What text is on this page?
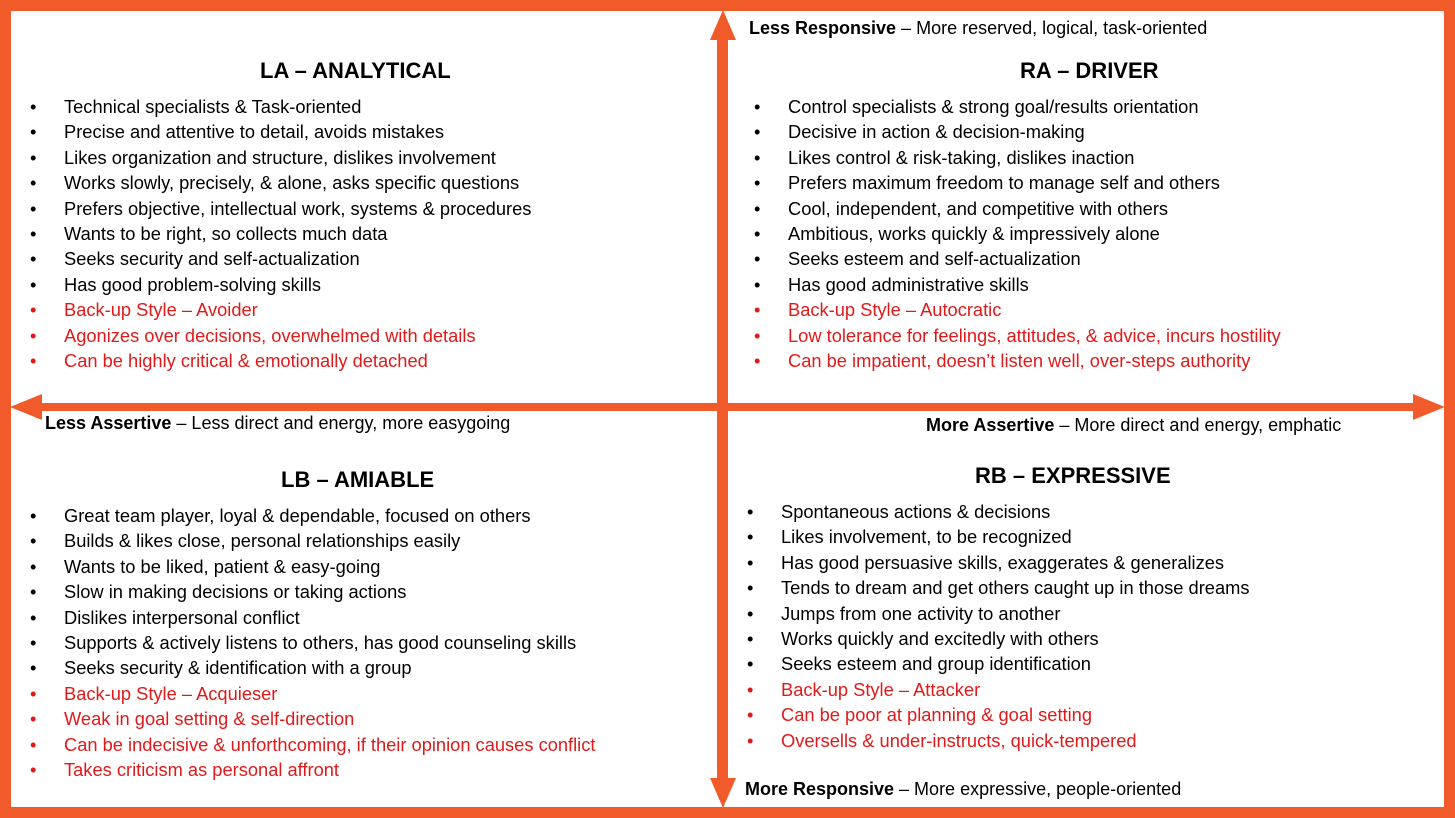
Less Responsive – More reserved, logical, task-oriented
More Responsive – More expressive, people-oriented
Less Assertive – Less direct and energy, more easygoing	More Assertive – More direct and energy, emphatic
LA – ANALYTICAL	RA – DRIVER
LB – AMIABLE	RB – EXPRESSIVE
• Technical specialists & Task-oriented
• Precise and attentive to detail, avoids mistakes
• Likes organization and structure, dislikes involvement
• Works slowly, precisely, & alone, asks specific questions
• Prefers objective, intellectual work, systems & procedures
• Wants to be right, so collects much data
• Seeks security and self-actualization
• Has good problem-solving skills
• Back-up Style – Avoider
• Agonizes over decisions, overwhelmed with details
• Can be highly critical & emotionally detached
• Control specialists & strong goal/results orientation
• Decisive in action & decision-making
• Likes control & risk-taking, dislikes inaction
• Prefers maximum freedom to manage self and others
• Cool, independent, and competitive with others
• Ambitious, works quickly & impressively alone
• Seeks esteem and self-actualization
• Has good administrative skills
• Back-up Style – Autocratic
• Low tolerance for feelings, attitudes, & advice, incurs hostility
• Can be impatient, doesn’t listen well, over-steps authority
• Great team player, loyal & dependable, focused on others
• Builds & likes close, personal relationships easily
• Wants to be liked, patient & easy-going
• Slow in making decisions or taking actions
• Dislikes interpersonal conflict
• Supports & actively listens to others, has good counseling skills
• Seeks security & identification with a group
• Back-up Style – Acquieser
• Weak in goal setting & self-direction
• Can be indecisive & unforthcoming, if their opinion causes conflict
• Takes criticism as personal affront
• Spontaneous actions & decisions
• Likes involvement, to be recognized
• Has good persuasive skills, exaggerates & generalizes
• Tends to dream and get others caught up in those dreams
• Jumps from one activity to another
• Works quickly and excitedly with others
• Seeks esteem and group identification
• Back-up Style – Attacker
• Can be poor at planning & goal setting
• Oversells & under-instructs, quick-tempered
